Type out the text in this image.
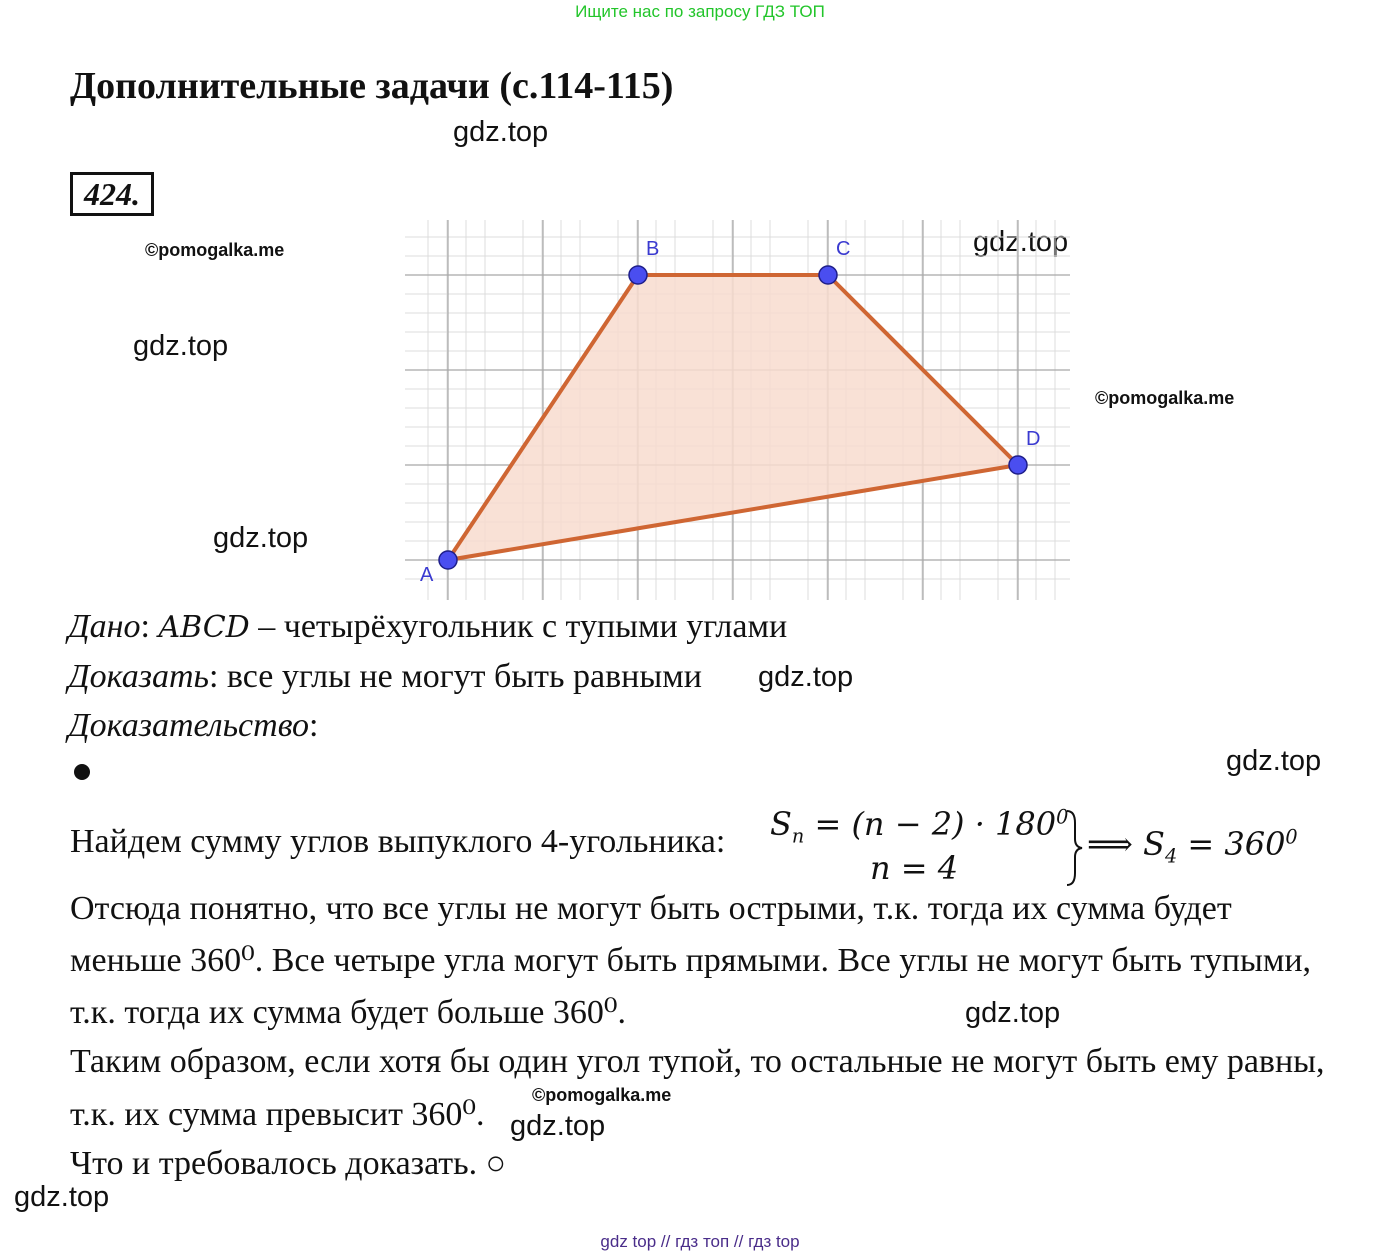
Ищите нас по запросу ГДЗ ТОП
Дополнительные задачи (с.114-115)
gdz.top
424.
©pomogalka.me	gdz.top
gdz.top
©pomogalka.me
gdz.top
A
B	C
D
Дано: ABCD – четырёхугольник с тупыми углами
Доказать: все углы не могут быть равными gdz.top
Доказательство:
gdz.top
Найдем сумму углов выпуклого 4-угольника: $S_n = (n - 2) \cdot 180^0$
n = 4
⟹ $S_4 = 360^0$
Отсюда понятно, что все углы не могут быть острыми, т.к. тогда их сумма будет
меньше 360⁰. Все четыре угла могут быть прямыми. Все углы не могут быть тупыми,
т.к. тогда их сумма будет больше 360⁰.	gdz.top
Таким образом, если хотя бы один угол тупой, то остальные не могут быть ему равны,
©pomogalka.me
т.к. их сумма превысит 360⁰. gdz.top
Что и требовалось доказать. ○
gdz.top
gdz top // гдз топ // гдз top
